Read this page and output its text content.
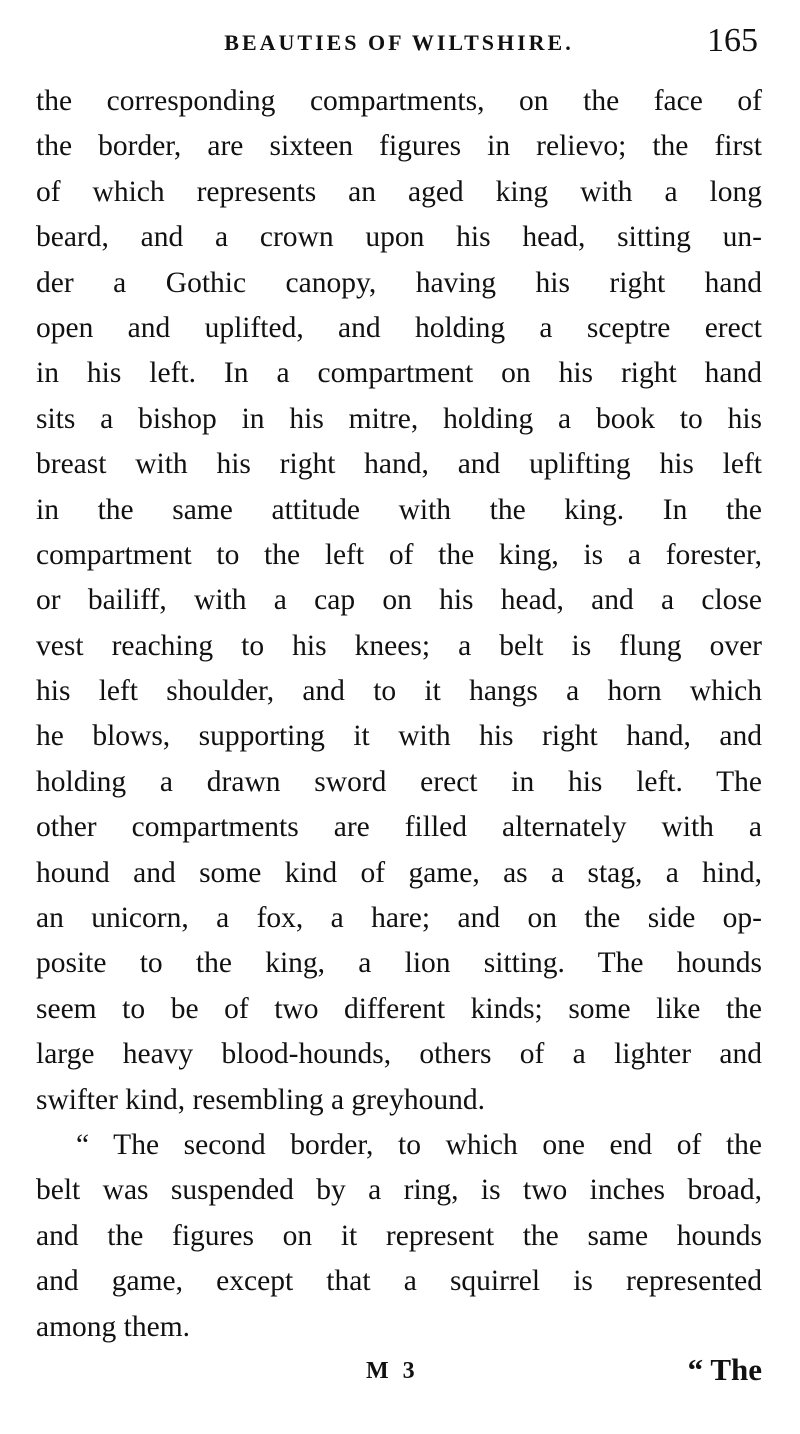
BEAUTIES OF WILTSHIRE.	165
the corresponding compartments, on the face of
the border, are sixteen figures in relievo; the first
of which represents an aged king with a long
beard, and a crown upon his head, sitting un-
der a Gothic canopy, having his right hand
open and uplifted, and holding a sceptre erect
in his left. In a compartment on his right hand
sits a bishop in his mitre, holding a book to his
breast with his right hand, and uplifting his left
in the same attitude with the king. In the
compartment to the left of the king, is a forester,
or bailiff, with a cap on his head, and a close
vest reaching to his knees; a belt is flung over
his left shoulder, and to it hangs a horn which
he blows, supporting it with his right hand, and
holding a drawn sword erect in his left. The
other compartments are filled alternately with a
hound and some kind of game, as a stag, a hind,
an unicorn, a fox, a hare; and on the side op-
posite to the king, a lion sitting. The hounds
seem to be of two different kinds; some like the
large heavy blood-hounds, others of a lighter and
swifter kind, resembling a greyhound.
“ The second border, to which one end of the
belt was suspended by a ring, is two inches broad,
and the figures on it represent the same hounds
and game, except that a squirrel is represented
among them.
M 3	“ The
